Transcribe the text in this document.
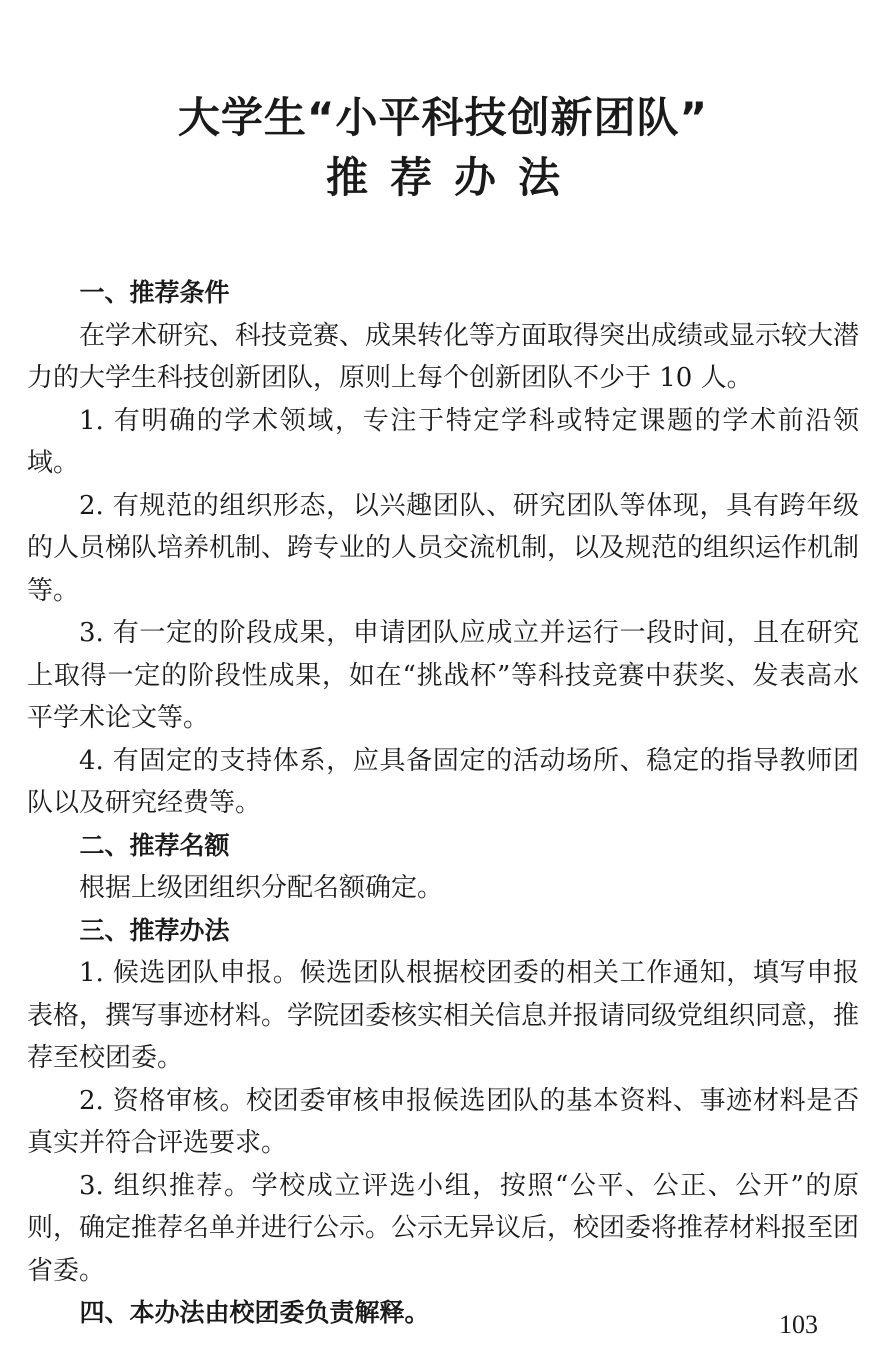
大学生“小平科技创新团队”
推荐办法

一、推荐条件

在学术研究、科技竞赛、成果转化等方面取得突出成绩或显示较大潜力的大学生科技创新团队，原则上每个创新团队不少于 10 人。

1. 有明确的学术领域，专注于特定学科或特定课题的学术前沿领域。

2. 有规范的组织形态，以兴趣团队、研究团队等体现，具有跨年级的人员梯队培养机制、跨专业的人员交流机制，以及规范的组织运作机制等。

3. 有一定的阶段成果，申请团队应成立并运行一段时间，且在研究上取得一定的阶段性成果，如在“挑战杯”等科技竞赛中获奖、发表高水平学术论文等。

4. 有固定的支持体系，应具备固定的活动场所、稳定的指导教师团队以及研究经费等。

二、推荐名额

根据上级团组织分配名额确定。

三、推荐办法

1. 候选团队申报。候选团队根据校团委的相关工作通知，填写申报表格，撰写事迹材料。学院团委核实相关信息并报请同级党组织同意，推荐至校团委。

2. 资格审核。校团委审核申报候选团队的基本资料、事迹材料是否真实并符合评选要求。

3. 组织推荐。学校成立评选小组，按照“公平、公正、公开”的原则，确定推荐名单并进行公示。公示无异议后，校团委将推荐材料报至团省委。

四、本办法由校团委负责解释。	103
